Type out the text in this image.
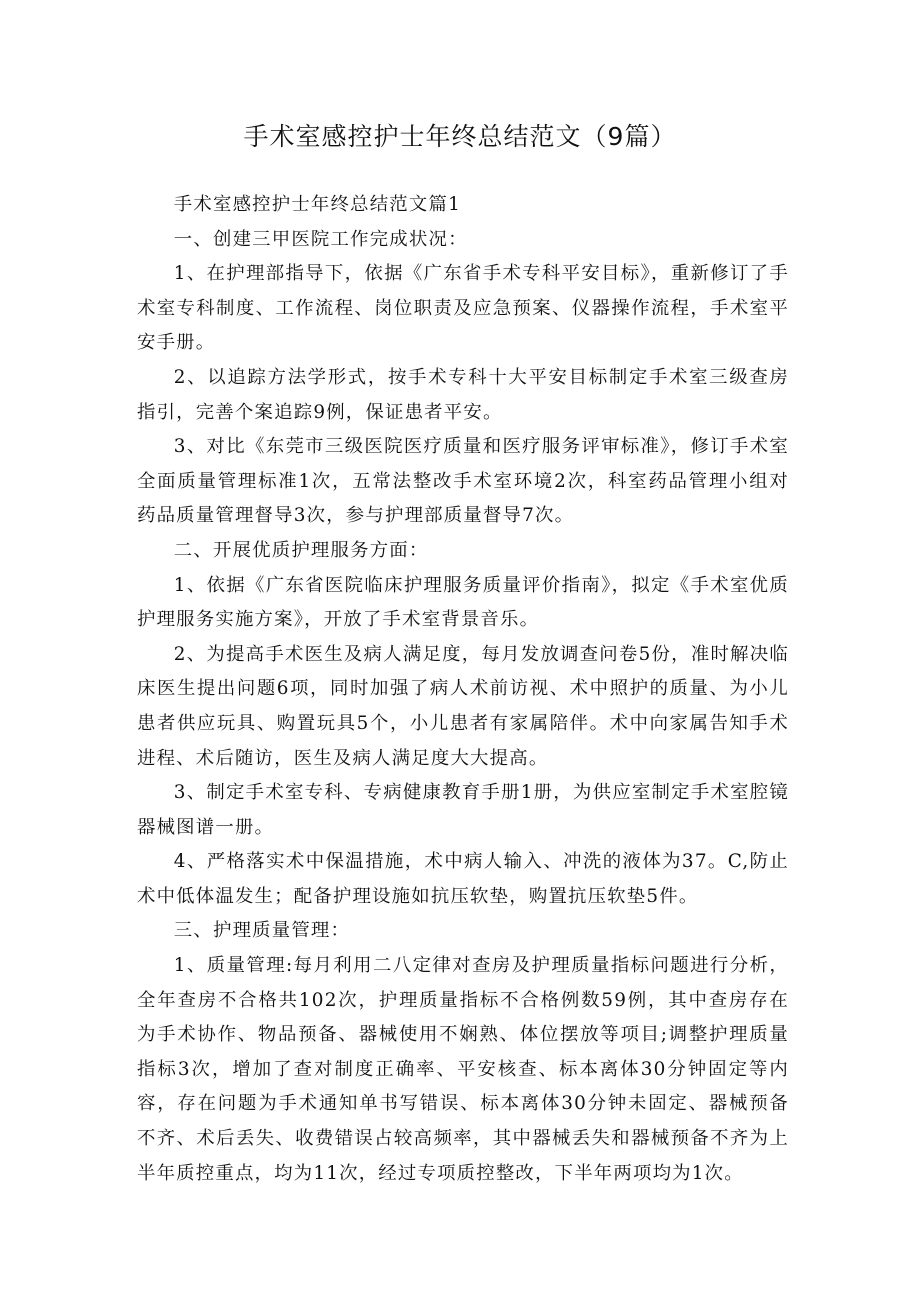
手术室感控护士年终总结范文（9篇）

手术室感控护士年终总结范文篇1

一、创建三甲医院工作完成状况：

1、在护理部指导下，依据《广东省手术专科平安目标》，重新修订了手术室专科制度、工作流程、岗位职责及应急预案、仪器操作流程，手术室平安手册。

2、以追踪方法学形式，按手术专科十大平安目标制定手术室三级查房指引，完善个案追踪9例，保证患者平安。

3、对比《东莞市三级医院医疗质量和医疗服务评审标准》，修订手术室全面质量管理标准1次，五常法整改手术室环境2次，科室药品管理小组对药品质量管理督导3次，参与护理部质量督导7次。

二、开展优质护理服务方面：

1、依据《广东省医院临床护理服务质量评价指南》，拟定《手术室优质护理服务实施方案》，开放了手术室背景音乐。

2、为提高手术医生及病人满足度，每月发放调查问卷5份，准时解决临床医生提出问题6项，同时加强了病人术前访视、术中照护的质量、为小儿患者供应玩具、购置玩具5个，小儿患者有家属陪伴。术中向家属告知手术进程、术后随访，医生及病人满足度大大提高。

3、制定手术室专科、专病健康教育手册1册，为供应室制定手术室腔镜器械图谱一册。

4、严格落实术中保温措施，术中病人输入、冲洗的液体为37。C,防止术中低体温发生；配备护理设施如抗压软垫，购置抗压软垫5件。

三、护理质量管理：

1、质量管理:每月利用二八定律对查房及护理质量指标问题进行分析，全年查房不合格共102次，护理质量指标不合格例数59例，其中查房存在为手术协作、物品预备、器械使用不娴熟、体位摆放等项目;调整护理质量指标3次，增加了查对制度正确率、平安核查、标本离体30分钟固定等内容，存在问题为手术通知单书写错误、标本离体30分钟未固定、器械预备不齐、术后丢失、收费错误占较高频率，其中器械丢失和器械预备不齐为上半年质控重点，均为11次，经过专项质控整改，下半年两项均为1次。
